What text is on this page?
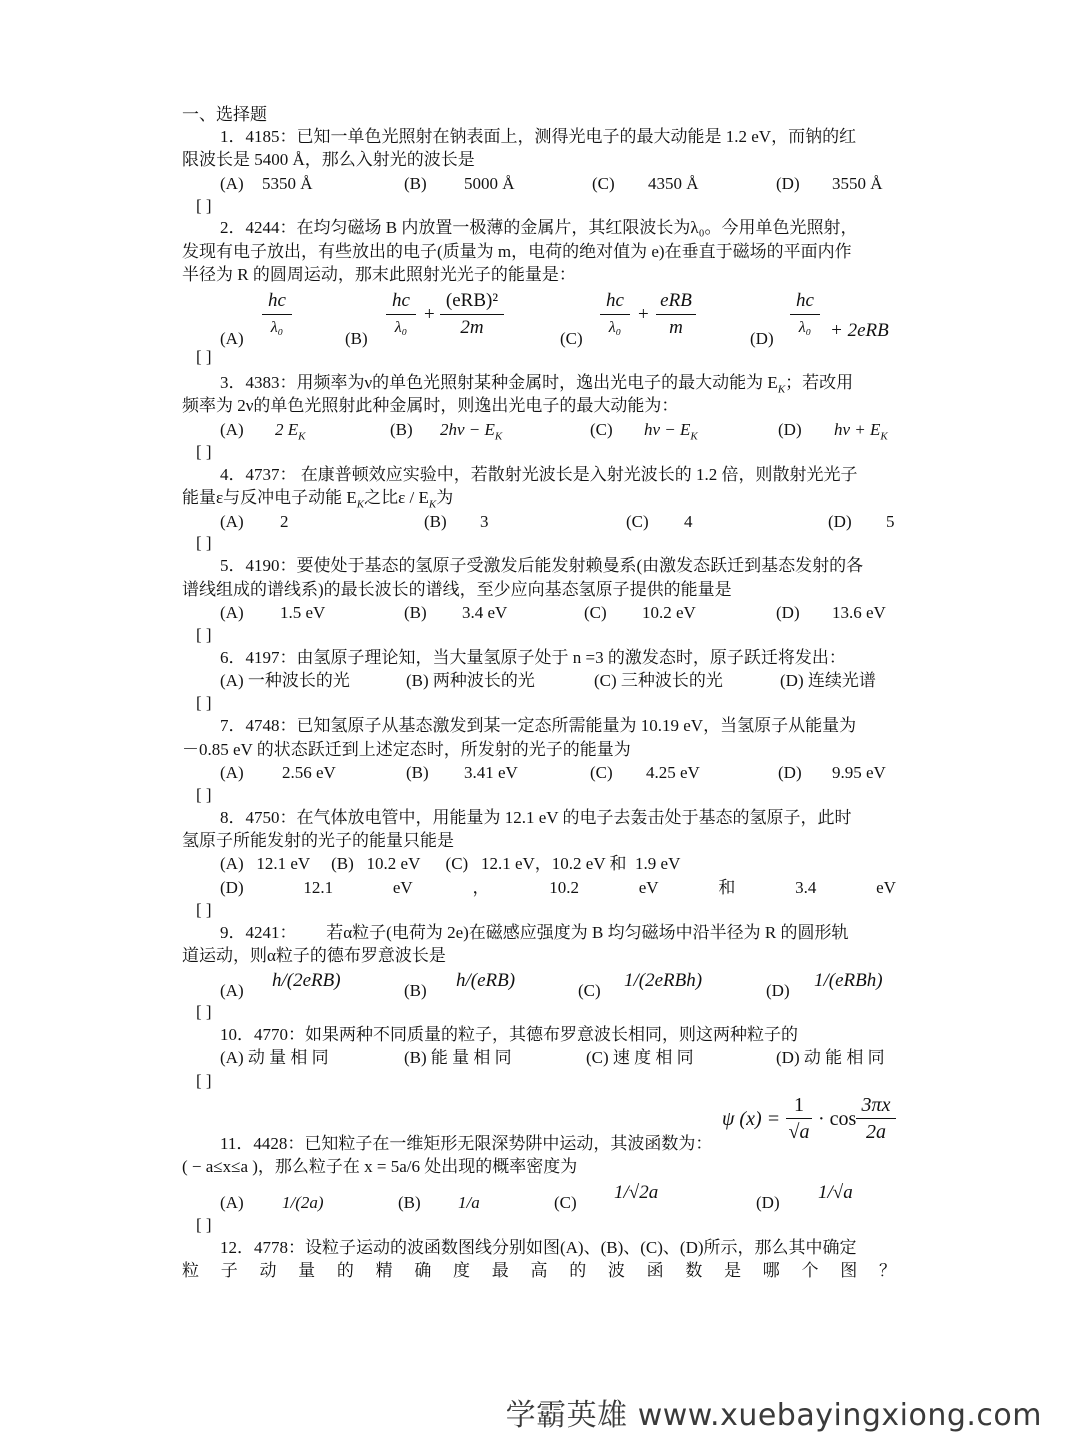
一、选择题
1．4185：已知一单色光照射在钠表面上，测得光电子的最大动能是 1.2 eV，而钠的红
限波长是 5400 Å，那么入射光的波长是
(A) 5350 Å	(B) 5000 Å	(C) 4350 Å	(D) 3550 Å
[ ]
2．4244：在均匀磁场 B 内放置一极薄的金属片，其红限波长为λ₀。今用单色光照射，
发现有电子放出，有些放出的电子(质量为 m，电荷的绝对值为 e)在垂直于磁场的平面内作
半径为 R 的圆周运动，那末此照射光光子的能量是：
(A)
hc
λ₀
(B)
hc
λ₀
+
(eRB)²
2m
(C)
hc
λ₀
+
eRB
m
(D)
hc
λ₀ + 2eRB
[ ]
3．4383：用频率为ν的单色光照射某种金属时，逸出光电子的最大动能为 $E_K$；若改用
频率为 2ν的单色光照射此种金属时，则逸出光电子的最大动能为：
(A) 2 $E_K$	(B) $2h\nu - E_K$	(C) $h\nu - E_K$	(D) $h\nu + E_K$
[ ]
4．4737： 在康普顿效应实验中，若散射光波长是入射光波长的 1.2 倍，则散射光光子
能量ε与反冲电子动能 $E_K$之比ε / $E_K$为
(A) 2	(B) 3	(C) 4	(D) 5
[ ]
5．4190：要使处于基态的氢原子受激发后能发射赖曼系(由激发态跃迁到基态发射的各
谱线组成的谱线系)的最长波长的谱线，至少应向基态氢原子提供的能量是
(A) 1.5 eV	(B) 3.4 eV	(C) 10.2 eV	(D) 13.6 eV
[ ]
6．4197：由氢原子理论知，当大量氢原子处于 n =3 的激发态时，原子跃迁将发出：
(A) 一种波长的光	(B) 两种波长的光	(C) 三种波长的光	(D) 连续光谱
[ ]
7．4748：已知氢原子从基态激发到某一定态所需能量为 10.19 eV，当氢原子从能量为
－0.85 eV 的状态跃迁到上述定态时，所发射的光子的能量为
(A) 2.56 eV	(B) 3.41 eV	(C) 4.25 eV	(D) 9.95 eV
[ ]
8．4750：在气体放电管中，用能量为 12.1 eV 的电子去轰击处于基态的氢原子，此时
氢原子所能发射的光子的能量只能是
(A)   12.1 eV     (B)   10.2 eV      (C)   12.1 eV，10.2 eV 和  1.9 eV
(D)	12.1	eV	，	10.2	eV	和	3.4	eV
[ ]
9．4241：       若α粒子(电荷为 2e)在磁感应强度为 B 均匀磁场中沿半径为 R 的圆形轨
道运动，则α粒子的德布罗意波长是
(A) h/(2eRB)	(B) h/(eRB)	(C) 1/(2eRBh)	(D) 1/(eRBh)
[ ]
10．4770：如果两种不同质量的粒子，其德布罗意波长相同，则这两种粒子的
(A) 动 量 相 同	(B) 能 量 相 同	(C) 速 度 相 同	(D) 动 能 相 同
[ ]
ψ (x) =
1
√a
· cos
3πx
2a
11．4428：已知粒子在一维矩形无限深势阱中运动，其波函数为：
( − a≤x≤a )，那么粒子在 x = 5a/6 处出现的概率密度为
(A) 1/(2a)	(B) 1/a	(C) 1/√2a	(D) 1/√a
[ ]
12．4778：设粒子运动的波函数图线分别如图(A)、(B)、(C)、(D)所示，那么其中确定
粒 子 动 量 的 精 确 度 最 高 的 波 函 数 是 哪 个 图 ？
学霸英雄 www.xuebayingxiong.com
